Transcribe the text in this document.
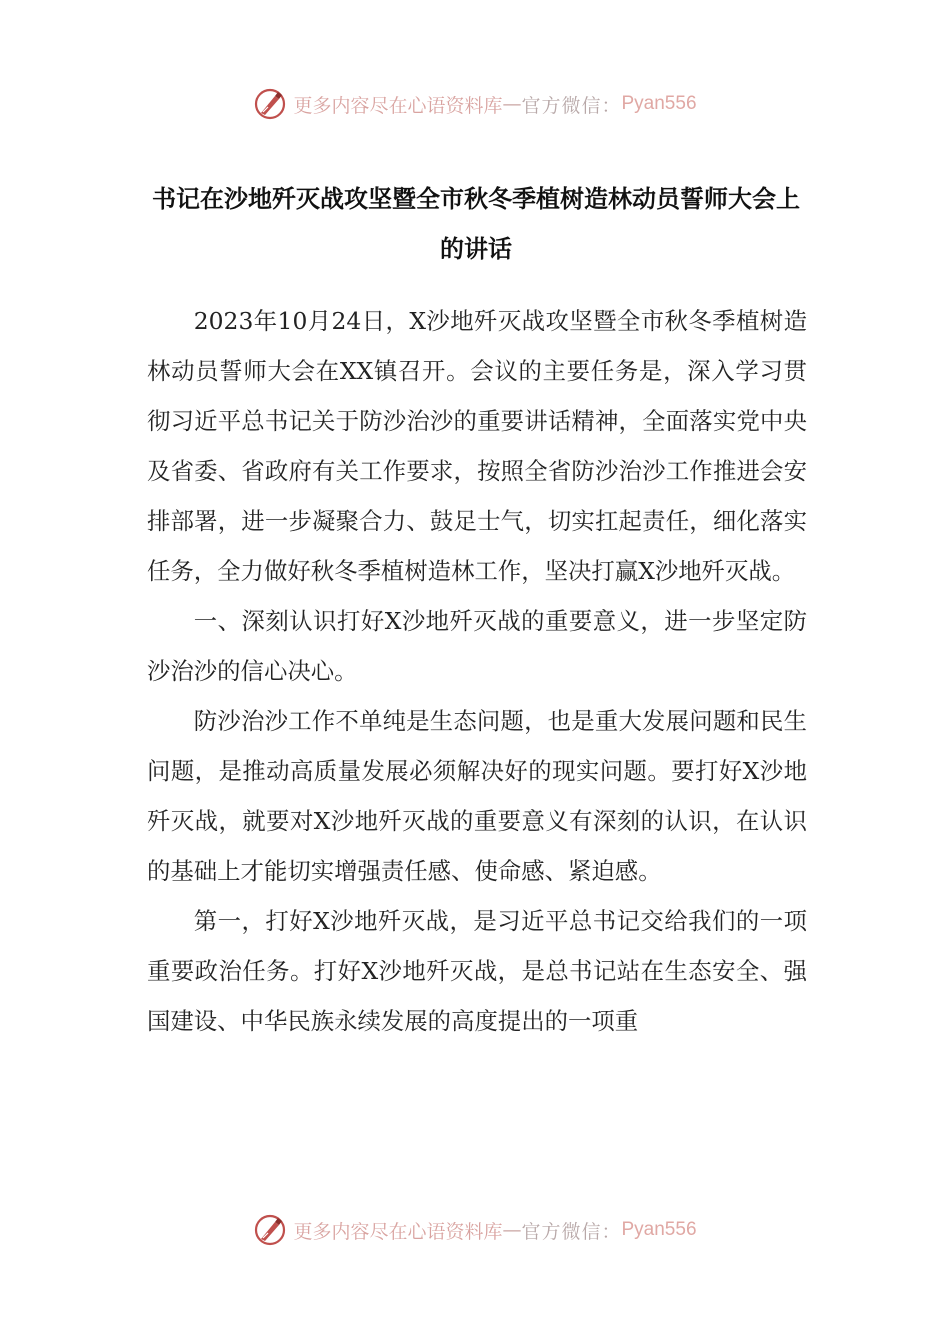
更多内容尽在心语资料库 — 官方微信： Pyan556
书记在沙地歼灭战攻坚暨全市秋冬季植树造林动员誓师大会上的讲话

2023年10月24日，X沙地歼灭战攻坚暨全市秋冬季植树造林动员誓师大会在XX镇召开。会议的主要任务是，深入学习贯彻习近平总书记关于防沙治沙的重要讲话精神，全面落实党中央及省委、省政府有关工作要求，按照全省防沙治沙工作推进会安排部署，进一步凝聚合力、鼓足士气，切实扛起责任，细化落实任务，全力做好秋冬季植树造林工作，坚决打赢X沙地歼灭战。

一、深刻认识打好X沙地歼灭战的重要意义，进一步坚定防沙治沙的信心决心。

防沙治沙工作不单纯是生态问题，也是重大发展问题和民生问题，是推动高质量发展必须解决好的现实问题。要打好X沙地歼灭战，就要对X沙地歼灭战的重要意义有深刻的认识，在认识的基础上才能切实增强责任感、使命感、紧迫感。

第一，打好X沙地歼灭战，是习近平总书记交给我们的一项重要政治任务。打好X沙地歼灭战，是总书记站在生态安全、强国建设、中华民族永续发展的高度提出的一项重

更多内容尽在心语资料库 — 官方微信： Pyan556
